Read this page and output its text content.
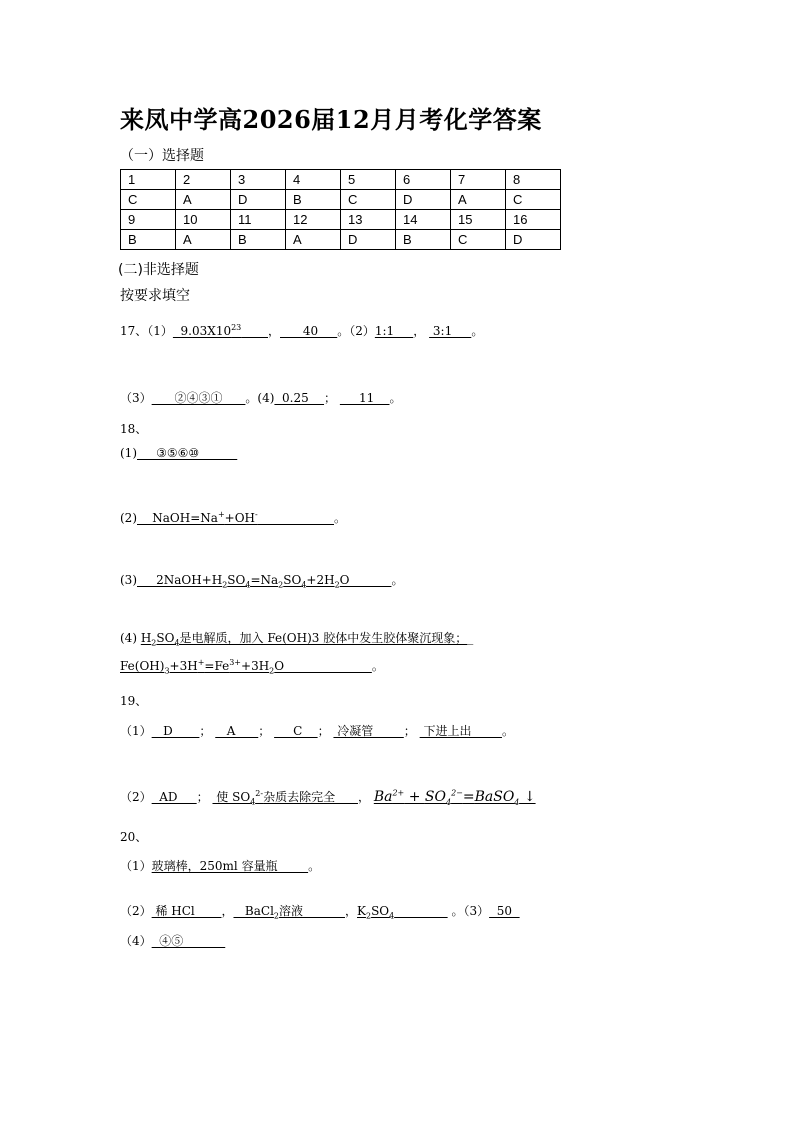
来凤中学高2026届12月月考化学答案
（一）选择题
1	2	3	4	5	6	7	8
C	A	D	B	C	D	A	C
9	10	11	12	13	14	15	16
B	A	B	A	D	B	C	D
(二)非选择题
按要求填空
17、（1）  $9.03X10^{23}$ ，      40     。（2）1:1     ，  3:1     。
（3）      ②④③①      。(4)  0.25    ；      11    。
18、
(1)     ③⑤⑥⑩
(2)    NaOH=Na++OH-	。
(3)     $2NaOH+H_2SO_4=Na_2SO_4+2H_2O$           。
(4) $H_2SO_4$是电解质，加入 Fe(OH)3 胶体中发生胶体聚沉现象；_
$Fe(OH)_3+3H^+=Fe^{3+}+3H_2O$                       。
19、
（1）   D       ；    A      ；      C    ；  冷凝管        ；  下进上出        。
（2）  AD     ；  使 $SO_4^{2-}$杂质去除完全      ， $Ba^{2+}$ + $SO_4^{2-}=BaSO_4$ ↓
20、
（1）玻璃棒，250ml 容量瓶        。
（2） 稀 HCl       ，   BaCl$_2$溶液           ，$K_2SO_4$	。（3）  50
（4）  ④⑤
